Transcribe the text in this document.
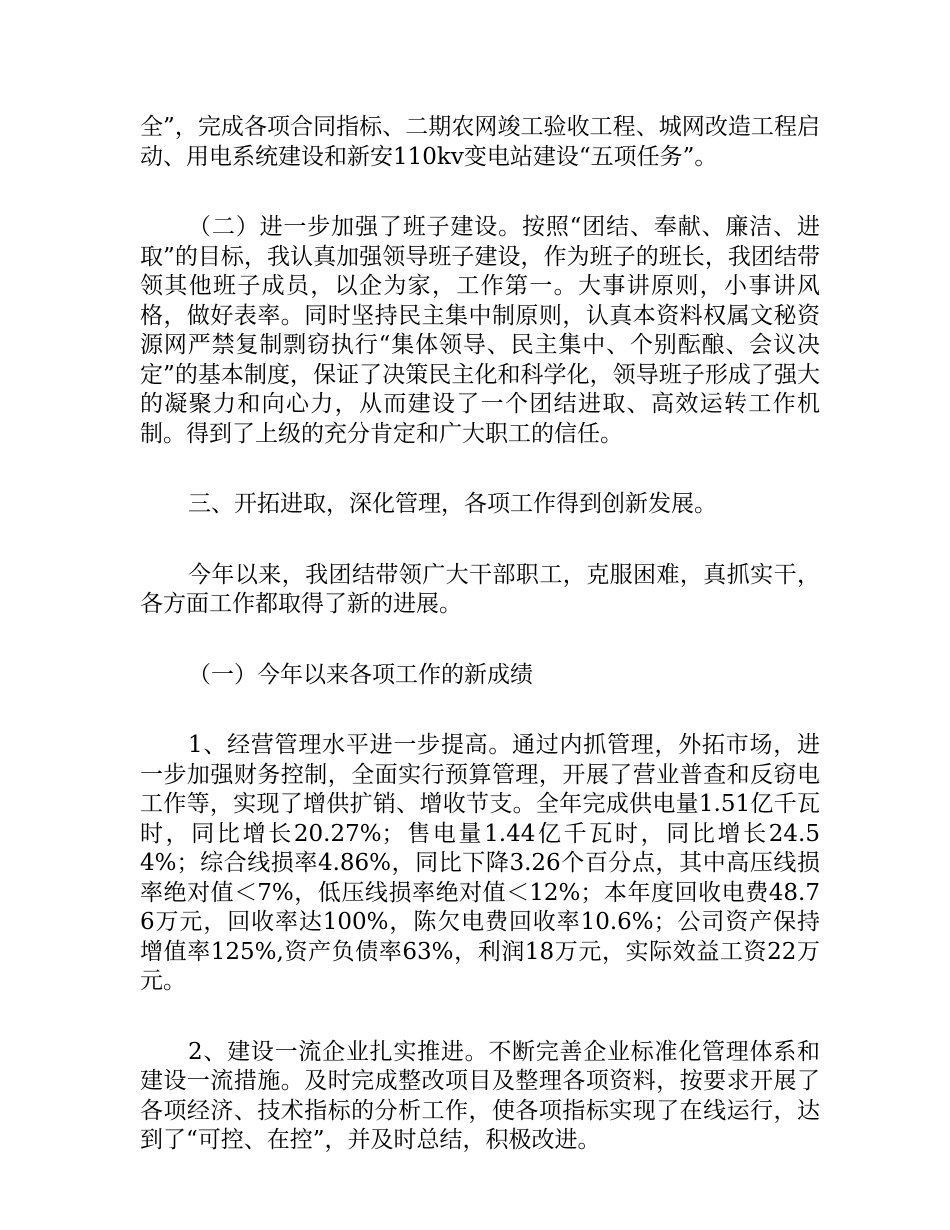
全”，完成各项合同指标、二期农网竣工验收工程、城网改造工程启动、用电系统建设和新安110kv变电站建设“五项任务”。

（二）进一步加强了班子建设。按照“团结、奉献、廉洁、进取”的目标，我认真加强领导班子建设，作为班子的班长，我团结带领其他班子成员，以企为家，工作第一。大事讲原则，小事讲风格，做好表率。同时坚持民主集中制原则，认真本资料权属文秘资源网严禁复制剽窃执行“集体领导、民主集中、个别酝酿、会议决定”的基本制度，保证了决策民主化和科学化，领导班子形成了强大的凝聚力和向心力，从而建设了一个团结进取、高效运转工作机制。得到了上级的充分肯定和广大职工的信任。

三、开拓进取，深化管理，各项工作得到创新发展。

今年以来，我团结带领广大干部职工，克服困难，真抓实干，各方面工作都取得了新的进展。

（一）今年以来各项工作的新成绩

1、经营管理水平进一步提高。通过内抓管理，外拓市场，进一步加强财务控制，全面实行预算管理，开展了营业普查和反窃电工作等，实现了增供扩销、增收节支。全年完成供电量1.51亿千瓦时，同比增长20.27%；售电量1.44亿千瓦时，同比增长24.54%；综合线损率4.86%，同比下降3.26个百分点，其中高压线损率绝对值＜7%，低压线损率绝对值＜12%；本年度回收电费48.76万元，回收率达100%，陈欠电费回收率10.6%；公司资产保持增值率125%,资产负债率63%，利润18万元，实际效益工资22万元。

2、建设一流企业扎实推进。不断完善企业标准化管理体系和建设一流措施。及时完成整改项目及整理各项资料，按要求开展了各项经济、技术指标的分析工作，使各项指标实现了在线运行，达到了“可控、在控”，并及时总结，积极改进。
